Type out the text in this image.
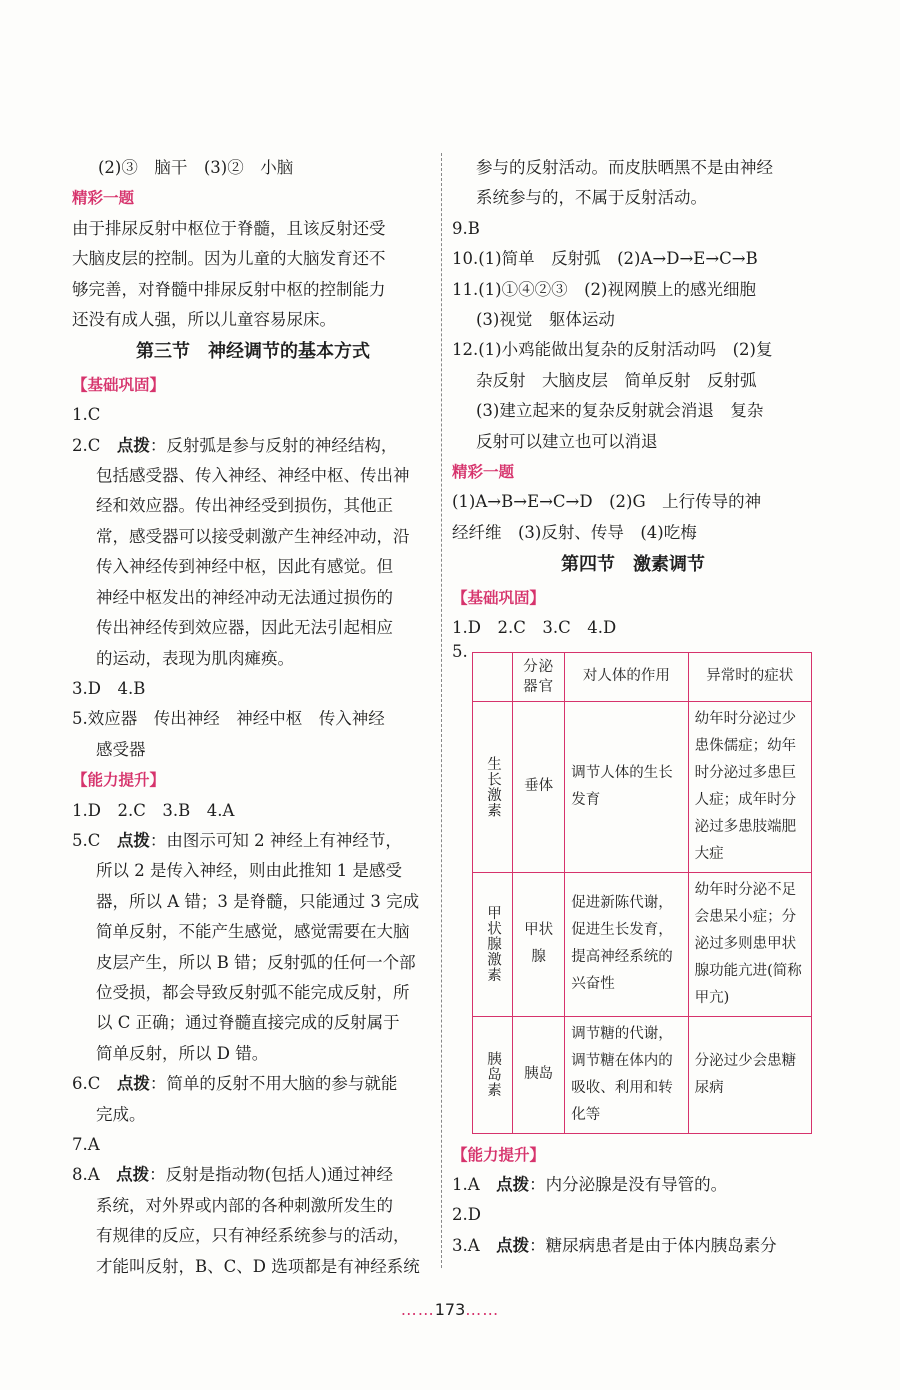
(2)③　脑干　(3)②　小脑
精彩一题
由于排尿反射中枢位于脊髓，且该反射还受
大脑皮层的控制。因为儿童的大脑发育还不
够完善，对脊髓中排尿反射中枢的控制能力
还没有成人强，所以儿童容易尿床。
第三节　神经调节的基本方式
【基础巩固】
1.C
2.C　点拨：反射弧是参与反射的神经结构，
包括感受器、传入神经、神经中枢、传出神
经和效应器。传出神经受到损伤，其他正
常，感受器可以接受刺激产生神经冲动，沿
传入神经传到神经中枢，因此有感觉。但
神经中枢发出的神经冲动无法通过损伤的
传出神经传到效应器，因此无法引起相应
的运动，表现为肌肉瘫痪。
3.D　4.B
5.效应器　传出神经　神经中枢　传入神经
感受器
【能力提升】
1.D　2.C　3.B　4.A
5.C　点拨：由图示可知 2 神经上有神经节，
所以 2 是传入神经，则由此推知 1 是感受
器，所以 A 错；3 是脊髓，只能通过 3 完成
简单反射，不能产生感觉，感觉需要在大脑
皮层产生，所以 B 错；反射弧的任何一个部
位受损，都会导致反射弧不能完成反射，所
以 C 正确；通过脊髓直接完成的反射属于
简单反射，所以 D 错。
6.C　点拨：简单的反射不用大脑的参与就能
完成。
7.A
8.A　点拨：反射是指动物(包括人)通过神经
系统，对外界或内部的各种刺激所发生的
有规律的反应，只有神经系统参与的活动，
才能叫反射，B、C、D 选项都是有神经系统
参与的反射活动。而皮肤晒黑不是由神经
系统参与的，不属于反射活动。
9.B
10.(1)简单　反射弧　(2)A→D→E→C→B
11.(1)①④②③　(2)视网膜上的感光细胞
(3)视觉　躯体运动
12.(1)小鸡能做出复杂的反射活动吗　(2)复
杂反射　大脑皮层　简单反射　反射弧
(3)建立起来的复杂反射就会消退　复杂
反射可以建立也可以消退
精彩一题
(1)A→B→E→C→D　(2)G　上行传导的神
经纤维　(3)反射、传导　(4)吃梅
第四节　激素调节
【基础巩固】
1.D　2.C　3.C　4.D
5.

	分泌器官	对人体的作用	异常时的症状

生长激素	垂体	调节人体的生长发育	幼年时分泌过少患侏儒症；幼年时分泌过多患巨人症；成年时分泌过多患肢端肥大症

甲状腺激素	甲状腺	促进新陈代谢，促进生长发育，提高神经系统的兴奋性	幼年时分泌不足会患呆小症；分泌过多则患甲状腺功能亢进(简称甲亢)

胰岛素	胰岛	调节糖的代谢，调节糖在体内的吸收、利用和转化等	分泌过少会患糖尿病
【能力提升】
1.A　点拨：内分泌腺是没有导管的。
2.D
3.A　点拨：糖尿病患者是由于体内胰岛素分
……173……
